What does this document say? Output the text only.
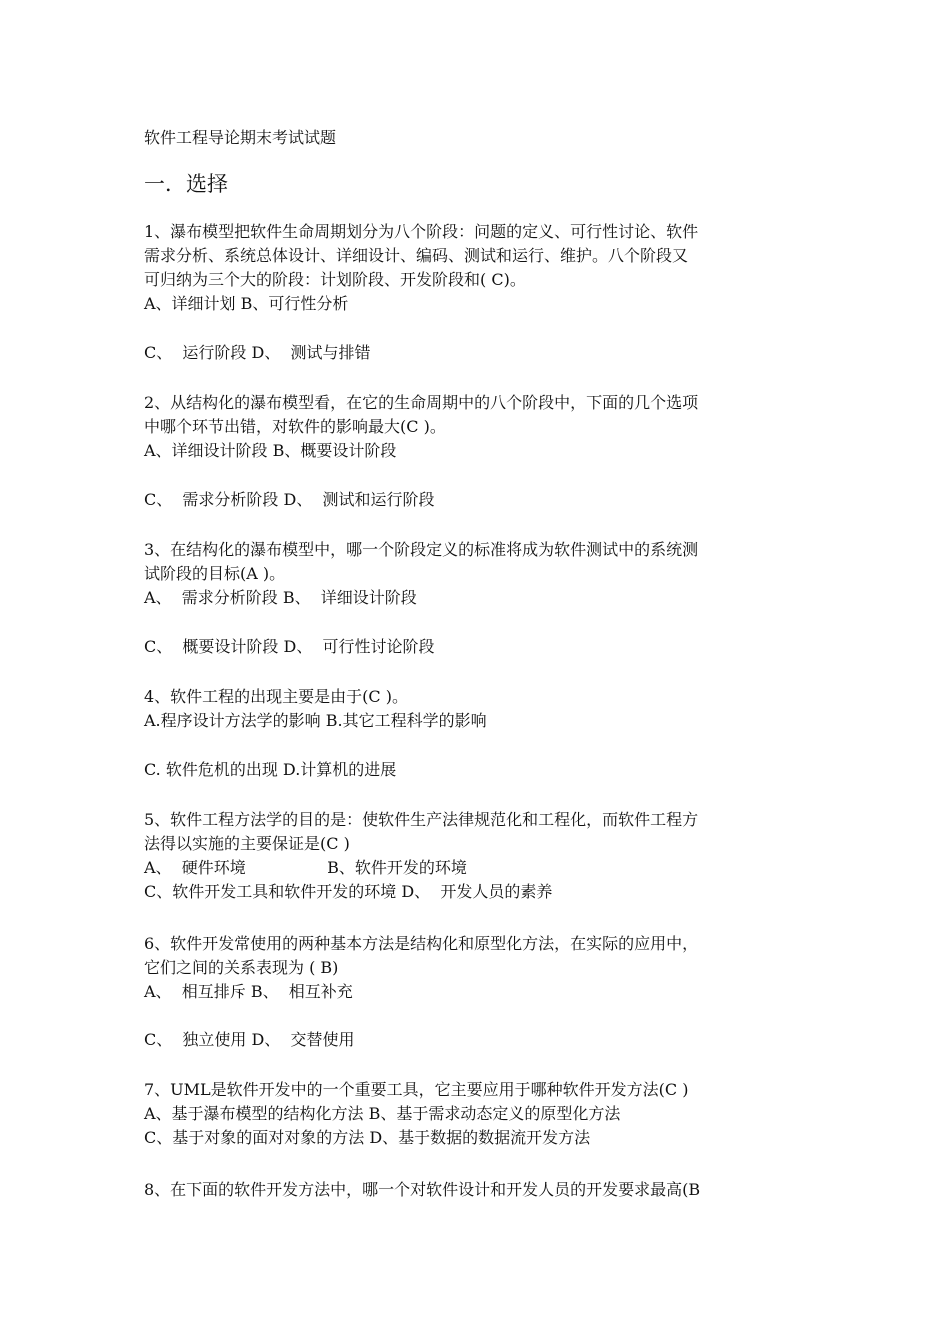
软件工程导论期末考试试题

一．选择

1、瀑布模型把软件生命周期划分为八个阶段：问题的定义、可行性讨论、软件

需求分析、系统总体设计、详细设计、编码、测试和运行、维护。八个阶段又

可归纳为三个大的阶段：计划阶段、开发阶段和( C)。

A、详细计划 B、可行性分析

C、  运行阶段 D、  测试与排错

2、从结构化的瀑布模型看，在它的生命周期中的八个阶段中，下面的几个选项

中哪个环节出错，对软件的影响最大(C )。

A、详细设计阶段 B、概要设计阶段

C、  需求分析阶段 D、  测试和运行阶段

3、在结构化的瀑布模型中，哪一个阶段定义的标准将成为软件测试中的系统测

试阶段的目标(A )。

A、  需求分析阶段 B、  详细设计阶段

C、  概要设计阶段 D、  可行性讨论阶段

4、软件工程的出现主要是由于(C )。

A.程序设计方法学的影响 B.其它工程科学的影响

C. 软件危机的出现 D.计算机的进展

5、软件工程方法学的目的是：使软件生产法律规范化和工程化，而软件工程方

法得以实施的主要保证是(C )

A、  硬件环境                B、软件开发的环境

C、软件开发工具和软件开发的环境 D、  开发人员的素养

6、软件开发常使用的两种基本方法是结构化和原型化方法，在实际的应用中，

它们之间的关系表现为 ( B)

A、  相互排斥 B、  相互补充

C、  独立使用 D、  交替使用

7、UML是软件开发中的一个重要工具，它主要应用于哪种软件开发方法(C )

A、基于瀑布模型的结构化方法 B、基于需求动态定义的原型化方法

C、基于对象的面对对象的方法 D、基于数据的数据流开发方法

8、在下面的软件开发方法中，哪一个对软件设计和开发人员的开发要求最高(B
